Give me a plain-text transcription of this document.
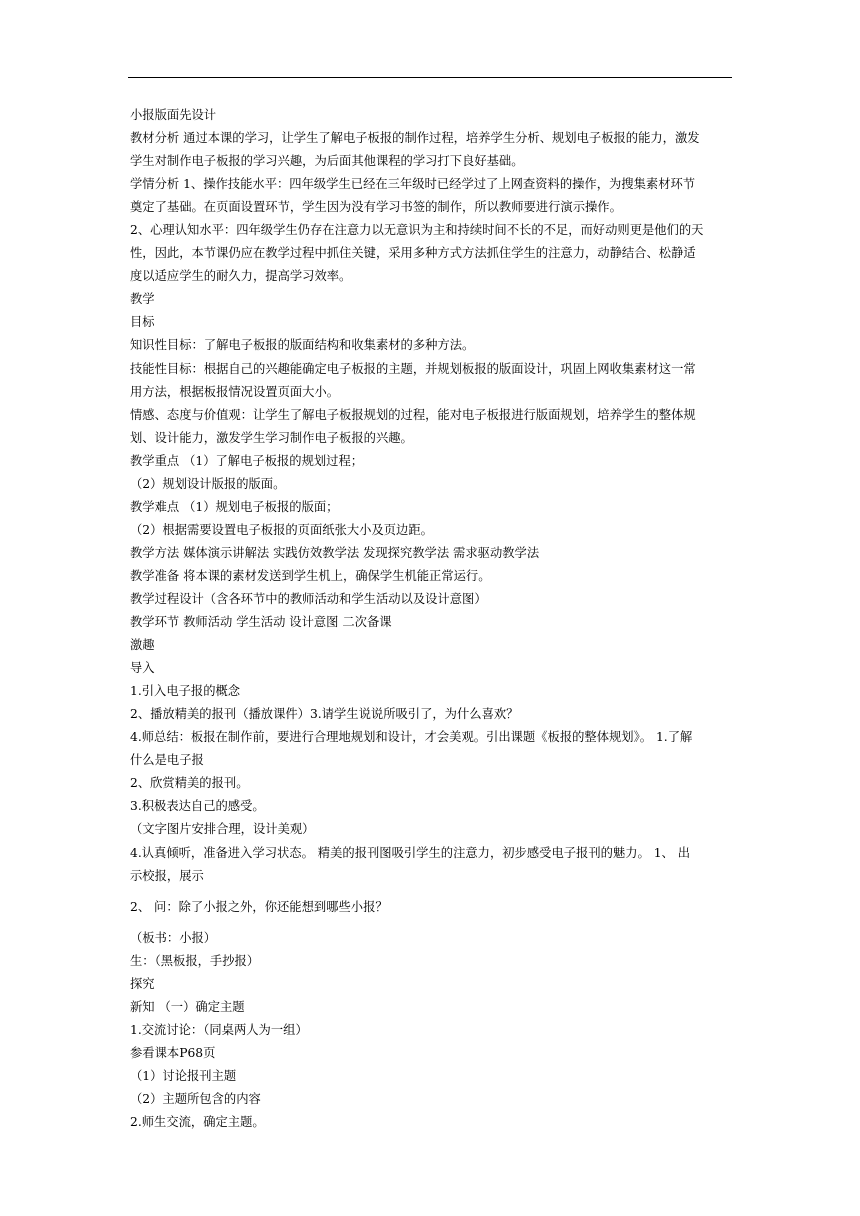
小报版面先设计
教材分析 通过本课的学习，让学生了解电子板报的制作过程，培养学生分析、规划电子板报的能力，激发
学生对制作电子板报的学习兴趣，为后面其他课程的学习打下良好基础。
学情分析 1、操作技能水平：四年级学生已经在三年级时已经学过了上网查资料的操作，为搜集素材环节
奠定了基础。在页面设置环节，学生因为没有学习书签的制作，所以教师要进行演示操作。
2、心理认知水平：四年级学生仍存在注意力以无意识为主和持续时间不长的不足，而好动则更是他们的天
性，因此，本节课仍应在教学过程中抓住关键，采用多种方式方法抓住学生的注意力，动静结合、松静适
度以适应学生的耐久力，提高学习效率。
教学
目标
知识性目标：了解电子板报的版面结构和收集素材的多种方法。
技能性目标：根据自己的兴趣能确定电子板报的主题，并规划板报的版面设计，巩固上网收集素材这一常
用方法，根据板报情况设置页面大小。
情感、态度与价值观：让学生了解电子板报规划的过程，能对电子板报进行版面规划，培养学生的整体规
划、设计能力，激发学生学习制作电子板报的兴趣。
教学重点 （1）了解电子板报的规划过程；
（2）规划设计版报的版面。
教学难点 （1）规划电子板报的版面；
（2）根据需要设置电子板报的页面纸张大小及页边距。
教学方法 媒体演示讲解法 实践仿效教学法 发现探究教学法 需求驱动教学法
教学准备 将本课的素材发送到学生机上，确保学生机能正常运行。
教学过程设计（含各环节中的教师活动和学生活动以及设计意图）
教学环节 教师活动 学生活动 设计意图 二次备课
激趣
导入
1.引入电子报的概念
2、播放精美的报刊（播放课件）3.请学生说说所吸引了，为什么喜欢？
4.师总结：板报在制作前，要进行合理地规划和设计，才会美观。引出课题《板报的整体规划》。 1.了解
什么是电子报
2、欣赏精美的报刊。
3.积极表达自己的感受。
（文字图片安排合理，设计美观）
4.认真倾听，准备进入学习状态。 精美的报刊图吸引学生的注意力，初步感受电子报刊的魅力。 1、 出
示校报，展示
2、 问：除了小报之外，你还能想到哪些小报？
（板书：小报）
生：（黑板报，手抄报）
探究
新知 （一）确定主题
1.交流讨论：（同桌两人为一组）
参看课本P68页
（1）讨论报刊主题
（2）主题所包含的内容
2.师生交流，确定主题。
